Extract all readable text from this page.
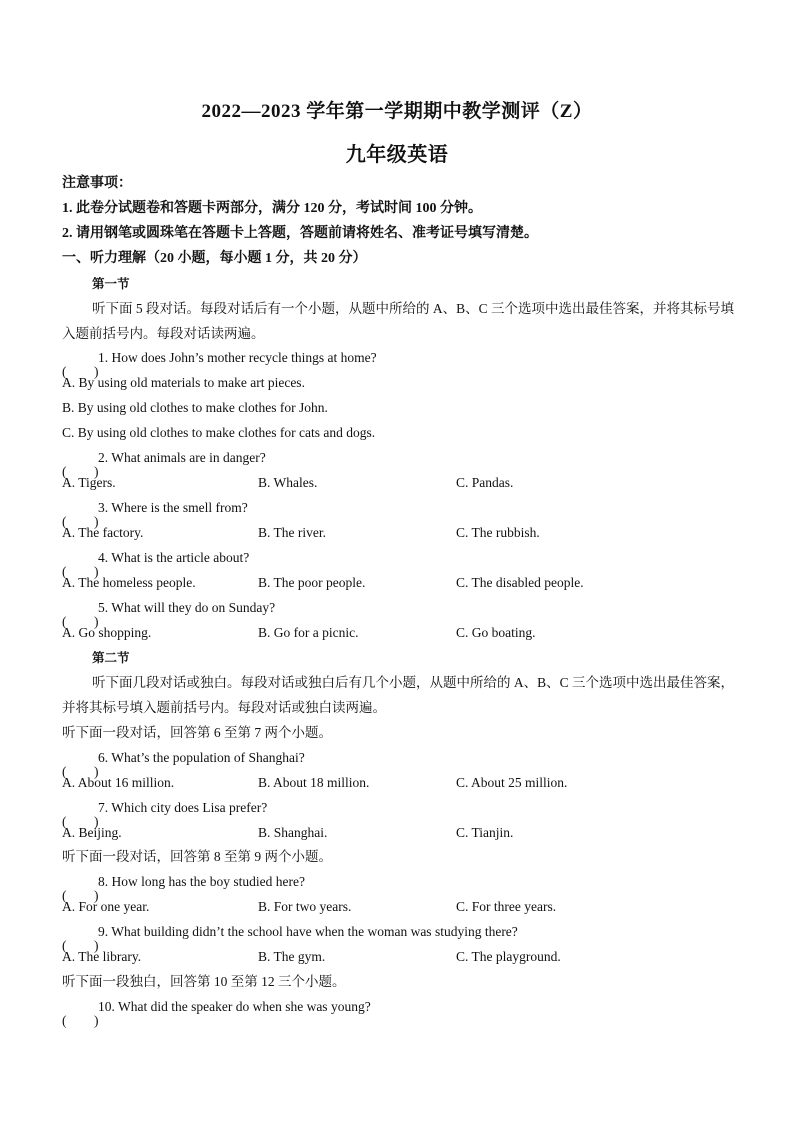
2022—2023 学年第一学期期中教学测评（Z）
九年级英语
注意事项：
1. 此卷分试题卷和答题卡两部分，满分 120 分，考试时间 100 分钟。
2. 请用钢笔或圆珠笔在答题卡上答题，答题前请将姓名、准考证号填写清楚。
一、听力理解（20 小题，每小题 1 分，共 20 分）
第一节
听下面 5 段对话。每段对话后有一个小题，从题中所给的 A、B、C 三个选项中选出最佳答案，并将其标号填入题前括号内。每段对话读两遍。
( )
1. How does John’s mother recycle things at home?
A. By using old materials to make art pieces.
B. By using old clothes to make clothes for John.
C. By using old clothes to make clothes for cats and dogs.
( )
2. What animals are in danger?
A. Tigers.	B. Whales.	C. Pandas.
( )
3. Where is the smell from?
A. The factory.	B. The river.	C. The rubbish.
( )
4. What is the article about?
A. The homeless people.	B. The poor people.	C. The disabled people.
( )
5. What will they do on Sunday?
A. Go shopping.	B. Go for a picnic.	C. Go boating.
第二节
听下面几段对话或独白。每段对话或独白后有几个小题，从题中所给的 A、B、C 三个选项中选出最佳答案，并将其标号填入题前括号内。每段对话或独白读两遍。
听下面一段对话，回答第 6 至第 7 两个小题。
( )
6. What’s the population of Shanghai?
A. About 16 million.	B. About 18 million.	C. About 25 million.
( )
7. Which city does Lisa prefer?
A. Beijing.	B. Shanghai.	C. Tianjin.
听下面一段对话，回答第 8 至第 9 两个小题。
( )
8. How long has the boy studied here?
A. For one year.	B. For two years.	C. For three years.
( )
9. What building didn’t the school have when the woman was studying there?
A. The library.	B. The gym.	C. The playground.
听下面一段独白，回答第 10 至第 12 三个小题。
( )
10. What did the speaker do when she was young?
